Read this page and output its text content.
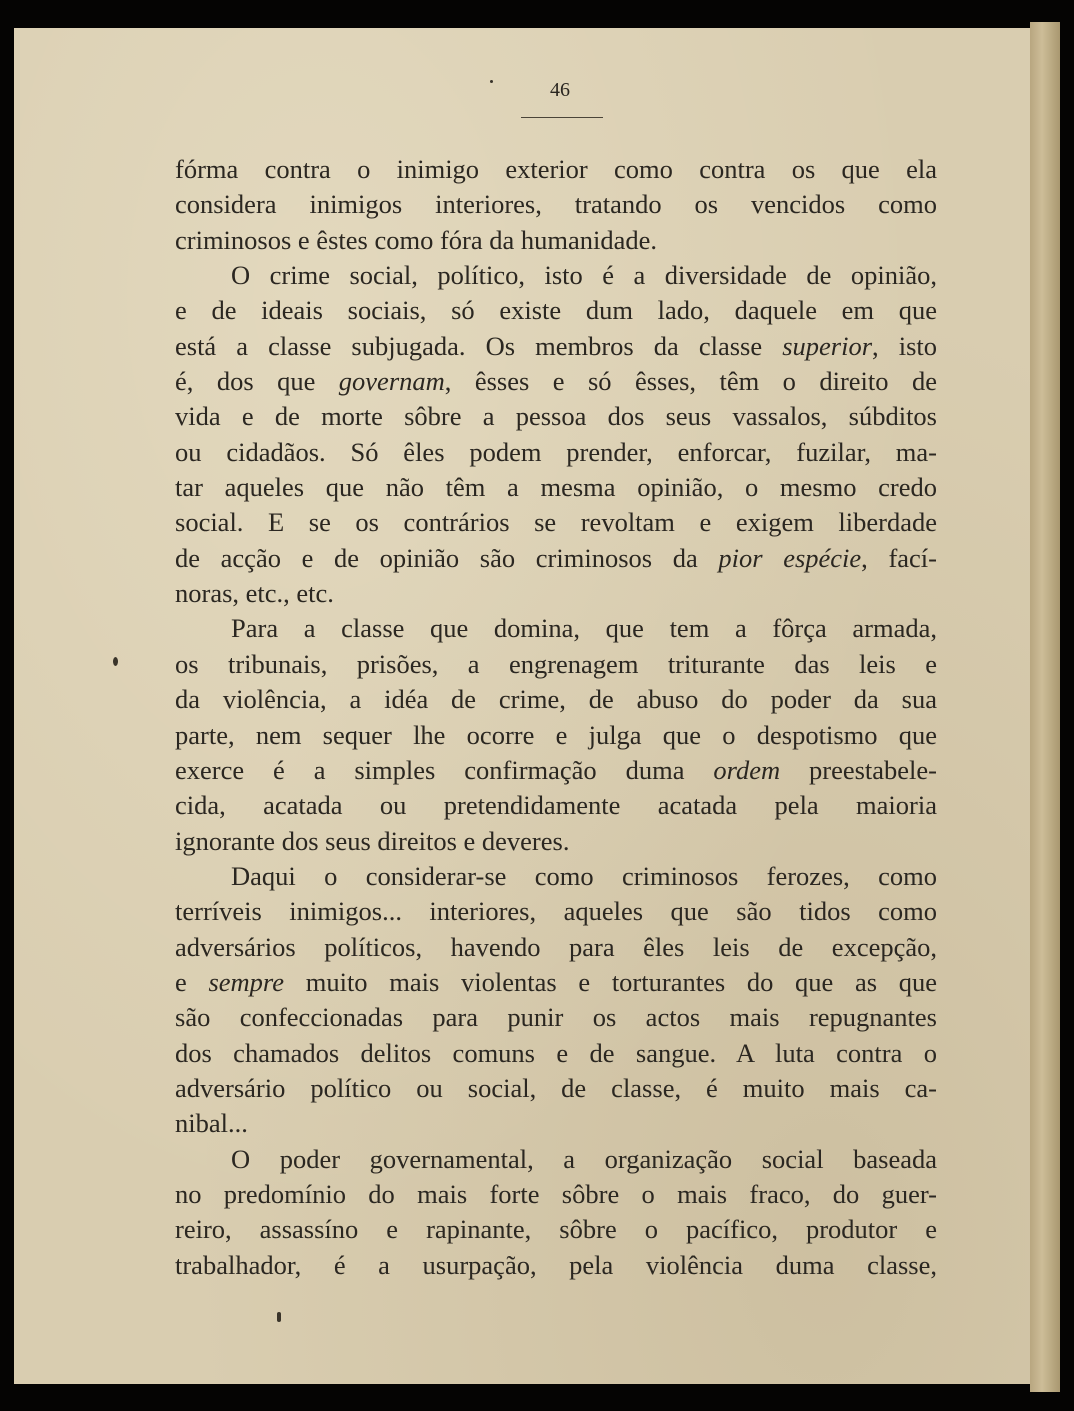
46

fórma contra o inimigo exterior como contra os que ela
considera inimigos interiores, tratando os vencidos como
criminosos e êstes como fóra da humanidade.
O crime social, político, isto é a diversidade de opinião,
e de ideais sociais, só existe dum lado, daquele em que
está a classe subjugada. Os membros da classe superior, isto
é, dos que governam, êsses e só êsses, têm o direito de
vida e de morte sôbre a pessoa dos seus vassalos, súbditos
ou cidadãos. Só êles podem prender, enforcar, fuzilar, ma-
tar aqueles que não têm a mesma opinião, o mesmo credo
social. E se os contrários se revoltam e exigem liberdade
de acção e de opinião são criminosos da pior espécie, fací-
noras, etc., etc.
Para a classe que domina, que tem a fôrça armada,
os tribunais, prisões, a engrenagem triturante das leis e
da violência, a idéa de crime, de abuso do poder da sua
parte, nem sequer lhe ocorre e julga que o despotismo que
exerce é a simples confirmação duma ordem preestabele-
cida, acatada ou pretendidamente acatada pela maioria
ignorante dos seus direitos e deveres.
Daqui o considerar-se como criminosos ferozes, como
terríveis inimigos... interiores, aqueles que são tidos como
adversários políticos, havendo para êles leis de excepção,
e sempre muito mais violentas e torturantes do que as que
são confeccionadas para punir os actos mais repugnantes
dos chamados delitos comuns e de sangue. A luta contra o
adversário político ou social, de classe, é muito mais ca-
nibal...
O poder governamental, a organização social baseada
no predomínio do mais forte sôbre o mais fraco, do guer-
reiro, assassíno e rapinante, sôbre o pacífico, produtor e
trabalhador, é a usurpação, pela violência duma classe,
